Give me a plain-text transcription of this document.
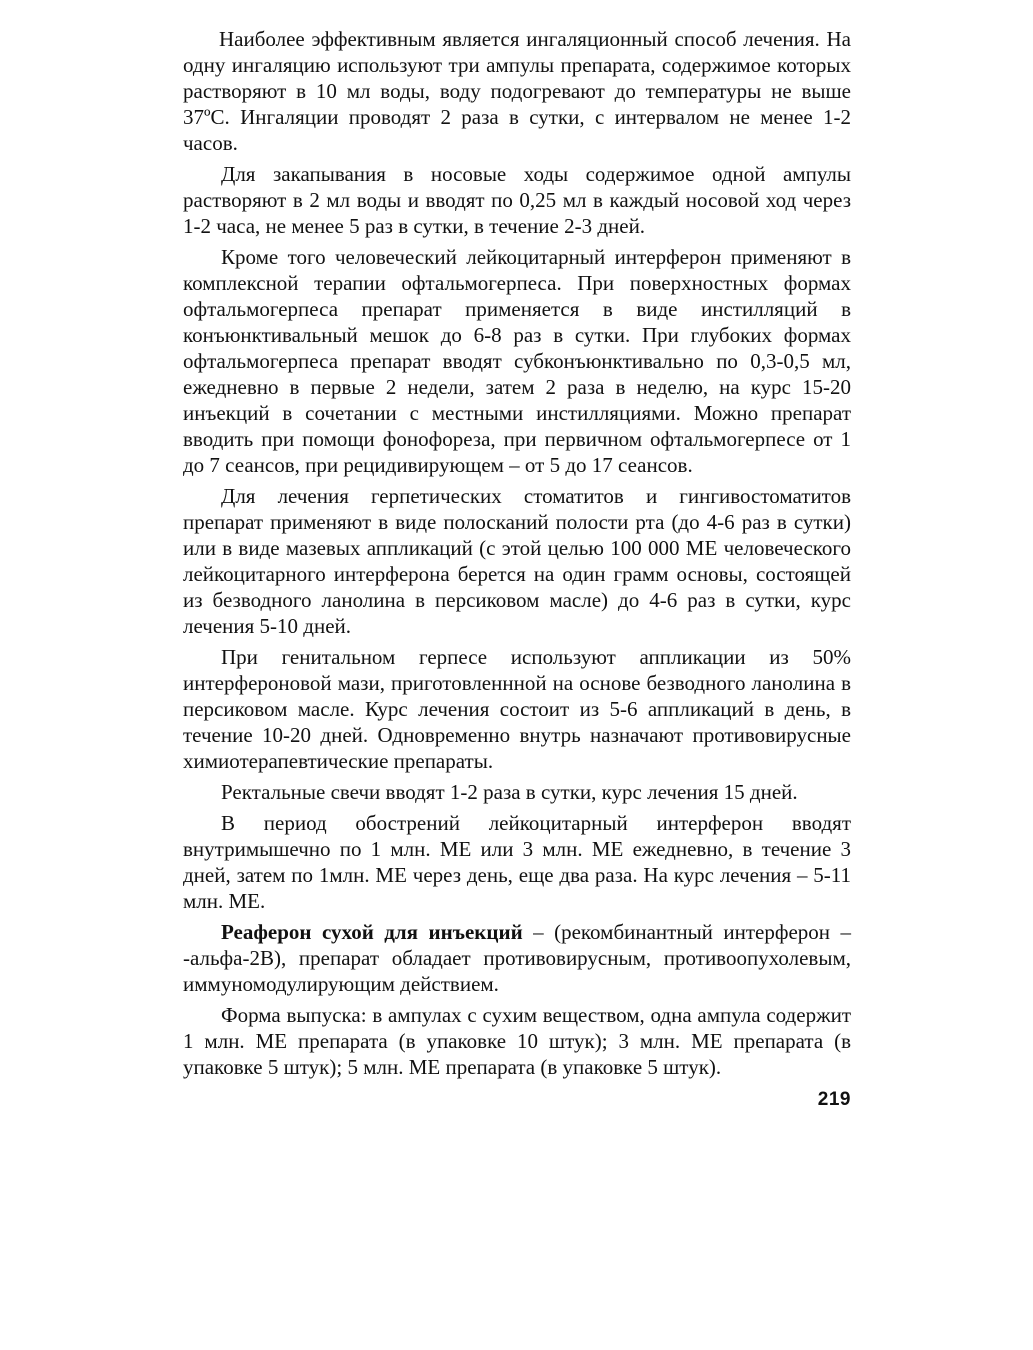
Наиболее эффективным является ингаляционный способ лечения. На одну ингаляцию используют три ампулы препарата, содержимое которых растворяют в 10 мл воды, воду подогревают до температуры не выше 37ºС. Ингаляции проводят 2 раза в сутки, с интервалом не менее 1-2 часов.

Для закапывания в носовые ходы содержимое одной ампулы растворяют в 2 мл воды и вводят по 0,25 мл в каждый носовой ход через 1-2 часа, не менее 5 раз в сутки, в течение 2-3 дней.

Кроме того человеческий лейкоцитарный интерферон применяют в комплексной терапии офтальмогерпеса. При поверхностных формах офтальмогерпеса препарат применяется в виде инстилляций в конъюнктивальный мешок до 6-8 раз в сутки. При глубоких формах офтальмогерпеса препарат вводят субконъюнктивально по 0,3-0,5 мл, ежедневно в первые 2 недели, затем 2 раза в неделю, на курс 15-20 инъекций в сочетании с местными инстилляциями. Можно препарат вводить при помощи фонофореза, при первичном офтальмогерпесе от 1 до 7 сеансов, при рецидивирующем – от 5 до 17 сеансов.

Для лечения герпетических стоматитов и гингивостоматитов препарат применяют в виде полосканий полости рта (до 4-6 раз в сутки) или в виде мазевых аппликаций (с этой целью 100 000 МЕ человеческого лейкоцитарного интерферона берется на один грамм основы, состоящей из безводного ланолина в персиковом масле) до 4-6 раз в сутки, курс лечения 5-10 дней.

При генитальном герпесе используют аппликации из 50% интерфероновой мази, приготовленнной на основе безводного ланолина в персиковом масле. Курс лечения состоит из 5-6 аппликаций в день, в течение 10-20 дней. Одновременно внутрь назначают противовирусные химиотерапевтические препараты.

Ректальные свечи вводят 1-2 раза в сутки, курс лечения 15 дней.

В период обострений лейкоцитарный интерферон вводят внутримышечно по 1 млн. МЕ или 3 млн. МЕ ежедневно, в течение 3 дней, затем по 1млн. МЕ через день, еще два раза. На курс лечения – 5-11 млн. МЕ.

Реаферон сухой для инъекций – (рекомбинантный интерферон – -альфа-2В), препарат обладает противовирусным, противоопухолевым, иммуномодулирующим действием.

Форма выпуска: в ампулах с сухим веществом, одна ампула содержит 1 млн. МЕ препарата (в упаковке 10 штук); 3 млн. МЕ препарата (в упаковке 5 штук); 5 млн. МЕ препарата (в упаковке 5 штук).

219
